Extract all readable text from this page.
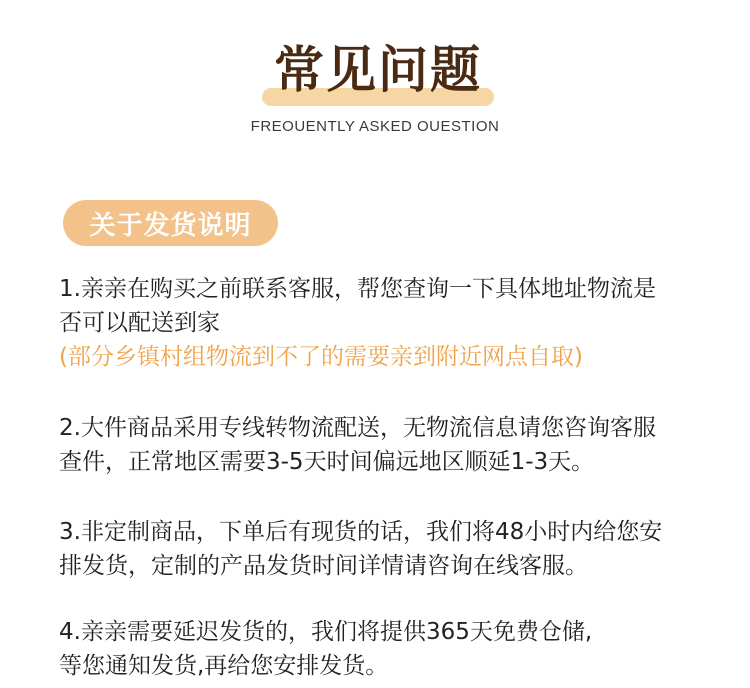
常见问题
FREOUENTLY ASKED OUESTION
关于发货说明
1.亲亲在购买之前联系客服，帮您查询一下具体地址物流是
否可以配送到家
(部分乡镇村组物流到不了的需要亲到附近网点自取)
2.大件商品采用专线转物流配送，无物流信息请您咨询客服
查件，正常地区需要3-5天时间偏远地区顺延1-3天。
3.非定制商品，下单后有现货的话，我们将48小时内给您安
排发货，定制的产品发货时间详情请咨询在线客服。
4.亲亲需要延迟发货的，我们将提供365天免费仓储,
等您通知发货,再给您安排发货。
